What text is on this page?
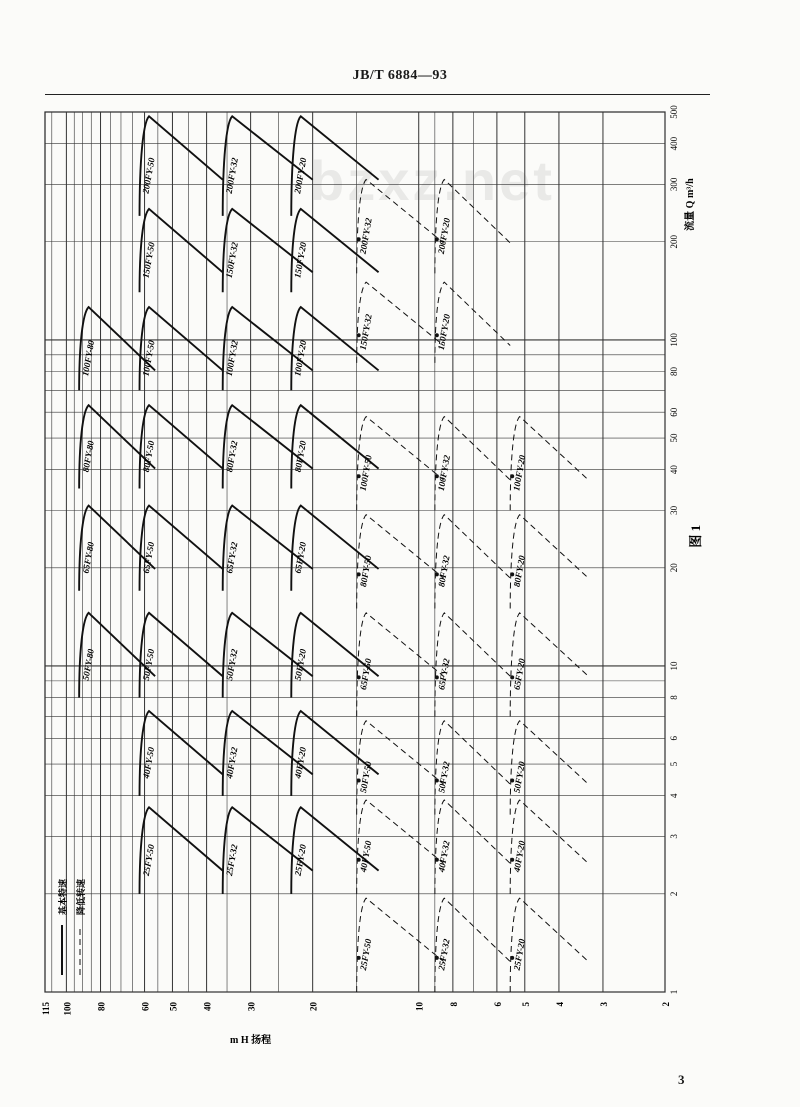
JB/T 6884—93
bzxz.net
200FY-50	200FY-32	200FY-20
150FY-50	150FY-32	150FY-20
100FY-80	100FY-50	100FY-32	100FY-20
80FY-80	80FY-50	80FY-32	80FY-20
65FY-80	65FY-50	65FY-32	65FY-20
50FY-80	50FY-50	50FY-32	50FY-20
40FY-50	40FY-32	40FY-20
25FY-50	25FY-32	25FY-20
200FY-32	200FY-20
150FY-32	150FY-20
100FY-50	100FY-32	100FY-20
80FY-50	80FY-32	80FY-20
65FY-50	65FY-32	65FY-20
50FY-50	50FY-32	50FY-20
40FY-50	40FY-32	40FY-20
25FY-50	25FY-32	25FY-20
115 100	80	60 50	40	30	20	10	8	6 5	4	3	2
1
2
3
4
5
6
8
10
20
30
40
50
60
80
100
200
300
400
500
流量 Q m³/h
m H 扬程
图 1
基本特速 降低转速
3
